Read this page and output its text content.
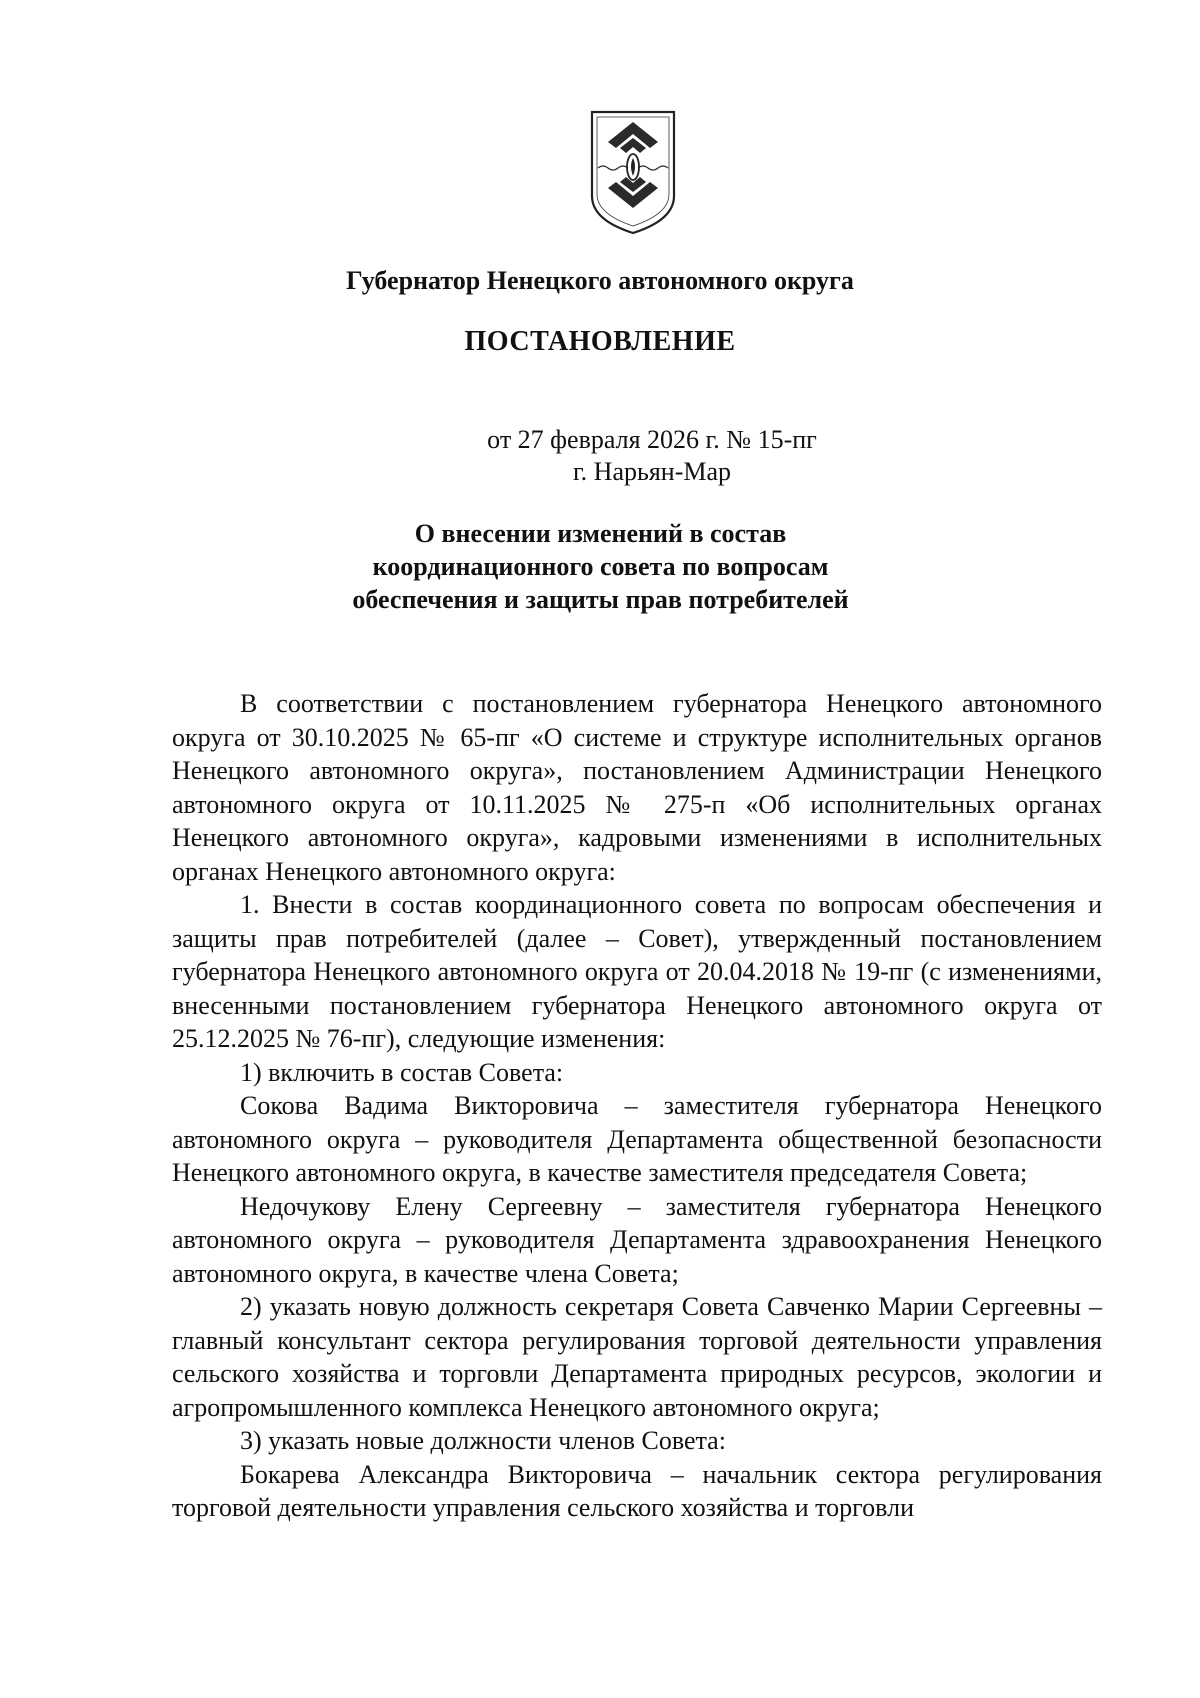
Губернатор Ненецкого автономного округа
ПОСТАНОВЛЕНИЕ
от 27 февраля 2026 г. № 15-пг
г. Нарьян-Мар
О внесении изменений в состав
координационного совета по вопросам
обеспечения и защиты прав потребителей

В соответствии с постановлением губернатора Ненецкого автономного округа от 30.10.2025 № 65-пг «О системе и структуре исполнительных органов Ненецкого автономного округа», постановлением Администрации Ненецкого автономного округа от 10.11.2025 № 275-п «Об исполнительных органах Ненецкого автономного округа», кадровыми изменениями в исполнительных органах Ненецкого автономного округа:

1. Внести в состав координационного совета по вопросам обеспечения и защиты прав потребителей (далее – Совет), утвержденный постановлением губернатора Ненецкого автономного округа от 20.04.2018 № 19-пг (с изменениями, внесенными постановлением губернатора Ненецкого автономного округа от 25.12.2025 № 76-пг), следующие изменения:

1) включить в состав Совета:

Сокова Вадима Викторовича – заместителя губернатора Ненецкого автономного округа – руководителя Департамента общественной безопасности Ненецкого автономного округа, в качестве заместителя председателя Совета;

Недочукову Елену Сергеевну – заместителя губернатора Ненецкого автономного округа – руководителя Департамента здравоохранения Ненецкого автономного округа, в качестве члена Совета;

2) указать новую должность секретаря Совета Савченко Марии Сергеевны – главный консультант сектора регулирования торговой деятельности управления сельского хозяйства и торговли Департамента природных ресурсов, экологии и агропромышленного комплекса Ненецкого автономного округа;

3) указать новые должности членов Совета:

Бокарева Александра Викторовича – начальник сектора регулирования торговой деятельности управления сельского хозяйства и торговли
